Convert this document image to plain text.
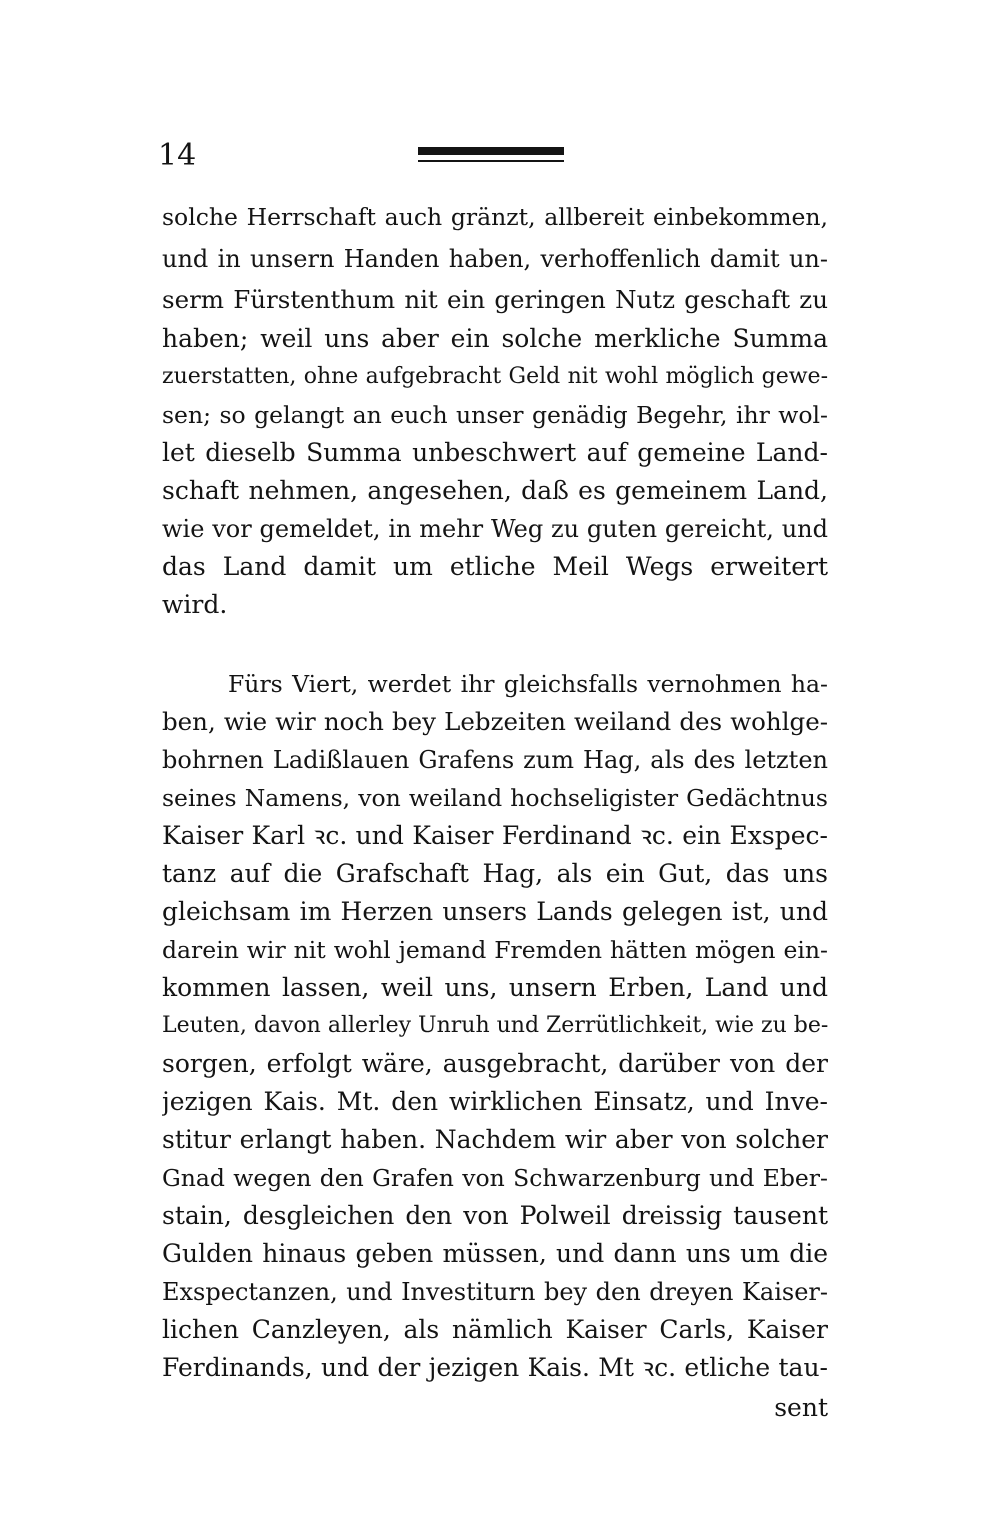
14
solche Herrschaft auch gränzt, allbereit einbekommen,
und in unsern Handen haben, verhoffenlich damit un-
serm Fürstenthum nit ein geringen Nutz geschaft zu
haben; weil uns aber ein solche merkliche Summa
zuerstatten, ohne aufgebracht Geld nit wohl möglich gewe-
sen; so gelangt an euch unser genädig Begehr, ihr wol-
let dieselb Summa unbeschwert auf gemeine Land-
schaft nehmen, angesehen, daß es gemeinem Land,
wie vor gemeldet, in mehr Weg zu guten gereicht, und
das Land damit um etliche Meil Wegs erweitert
wird.
Fürs Viert, werdet ihr gleichsfalls vernohmen ha-
ben, wie wir noch bey Lebzeiten weiland des wohlge-
bohrnen Ladißlauen Grafens zum Hag, als des letzten
seines Namens, von weiland hochseligister Gedächtnus
Kaiser Karl ꝛc. und Kaiser Ferdinand ꝛc. ein Exspec-
tanz auf die Grafschaft Hag, als ein Gut, das uns
gleichsam im Herzen unsers Lands gelegen ist, und
darein wir nit wohl jemand Fremden hätten mögen ein-
kommen lassen, weil uns, unsern Erben, Land und
Leuten, davon allerley Unruh und Zerrütlichkeit, wie zu be-
sorgen, erfolgt wäre, ausgebracht, darüber von der
jezigen Kais. Mt. den wirklichen Einsatz, und Inve-
stitur erlangt haben. Nachdem wir aber von solcher
Gnad wegen den Grafen von Schwarzenburg und Eber-
stain, desgleichen den von Polweil dreissig tausent
Gulden hinaus geben müssen, und dann uns um die
Exspectanzen, und Investiturn bey den dreyen Kaiser-
lichen Canzleyen, als nämlich Kaiser Carls, Kaiser
Ferdinands, und der jezigen Kais. Mt ꝛc. etliche tau-
sent
